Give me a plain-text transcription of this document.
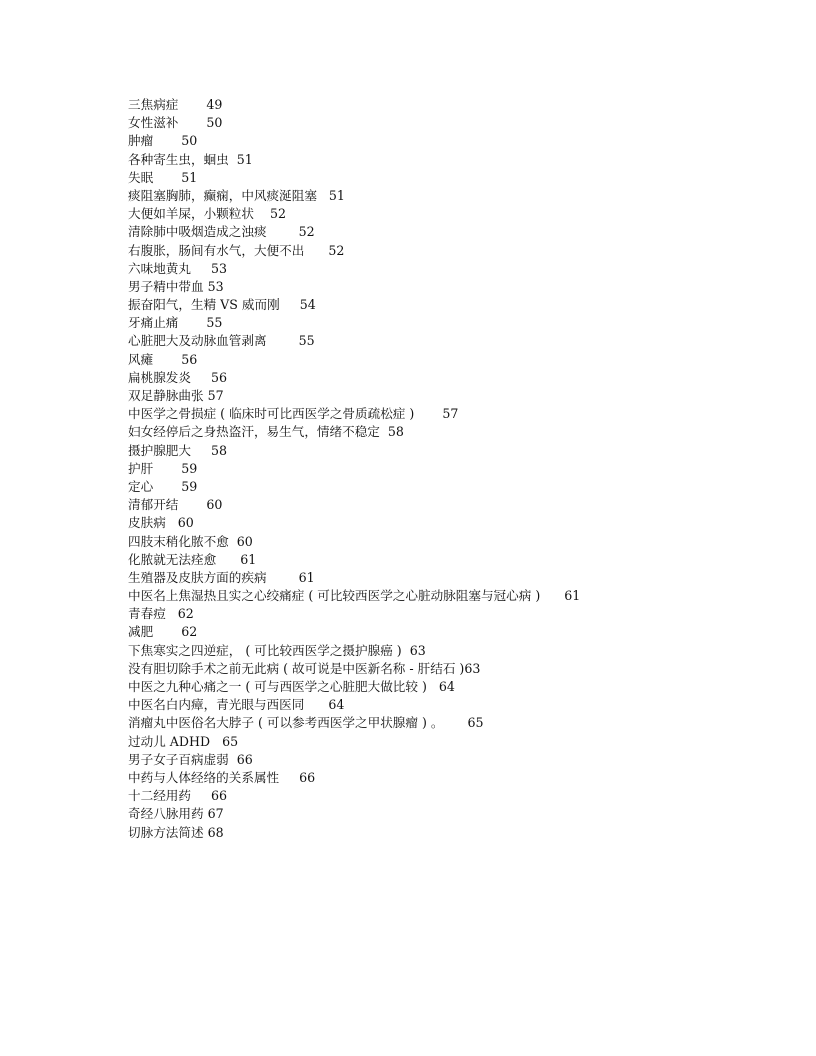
三焦病症 49
女性滋补 50
肿瘤 50
各种寄生虫，蛔虫 51
失眠 51
痰阻塞胸肺，癫痫，中风痰涎阻塞 51
大便如羊屎，小颗粒状 52
清除肺中吸烟造成之浊痰	52
右腹胀，肠间有水气，大便不出 52
六味地黄丸 53
男子精中带血 53
振奋阳气，生精 VS 威而刚 54
牙痛止痛 55
心脏肥大及动脉血管剥离	55
风瘫 56
扁桃腺发炎 56
双足静脉曲张 57
中医学之骨损症 ( 临床时可比西医学之骨质疏松症 ) 57
妇女经停后之身热盗汗，易生气，情绪不稳定 58
摄护腺肥大 58
护肝 59
定心 59
清郁开结 60
皮肤病 60
四肢末稍化脓不愈 60
化脓就无法痊愈 61
生殖器及皮肤方面的疾病	61
中医名上焦湿热且实之心绞痛症 ( 可比较西医学之心脏动脉阻塞与冠心病 ) 61
青春痘 62
减肥 62
下焦寒实之四逆症， ( 可比较西医学之摄护腺癌 ) 63
没有胆切除手术之前无此病 ( 故可说是中医新名称 - 肝结石 )63
中医之九种心痛之一 ( 可与西医学之心脏肥大做比较 ) 64
中医名白内瘴，青光眼与西医同 64
消瘤丸中医俗名大脖子 ( 可以参考西医学之甲状腺瘤 ) 。 65
过动儿 ADHD 65
男子女子百病虚弱 66
中药与人体经络的关系属性 66
十二经用药 66
奇经八脉用药 67
切脉方法简述 68
